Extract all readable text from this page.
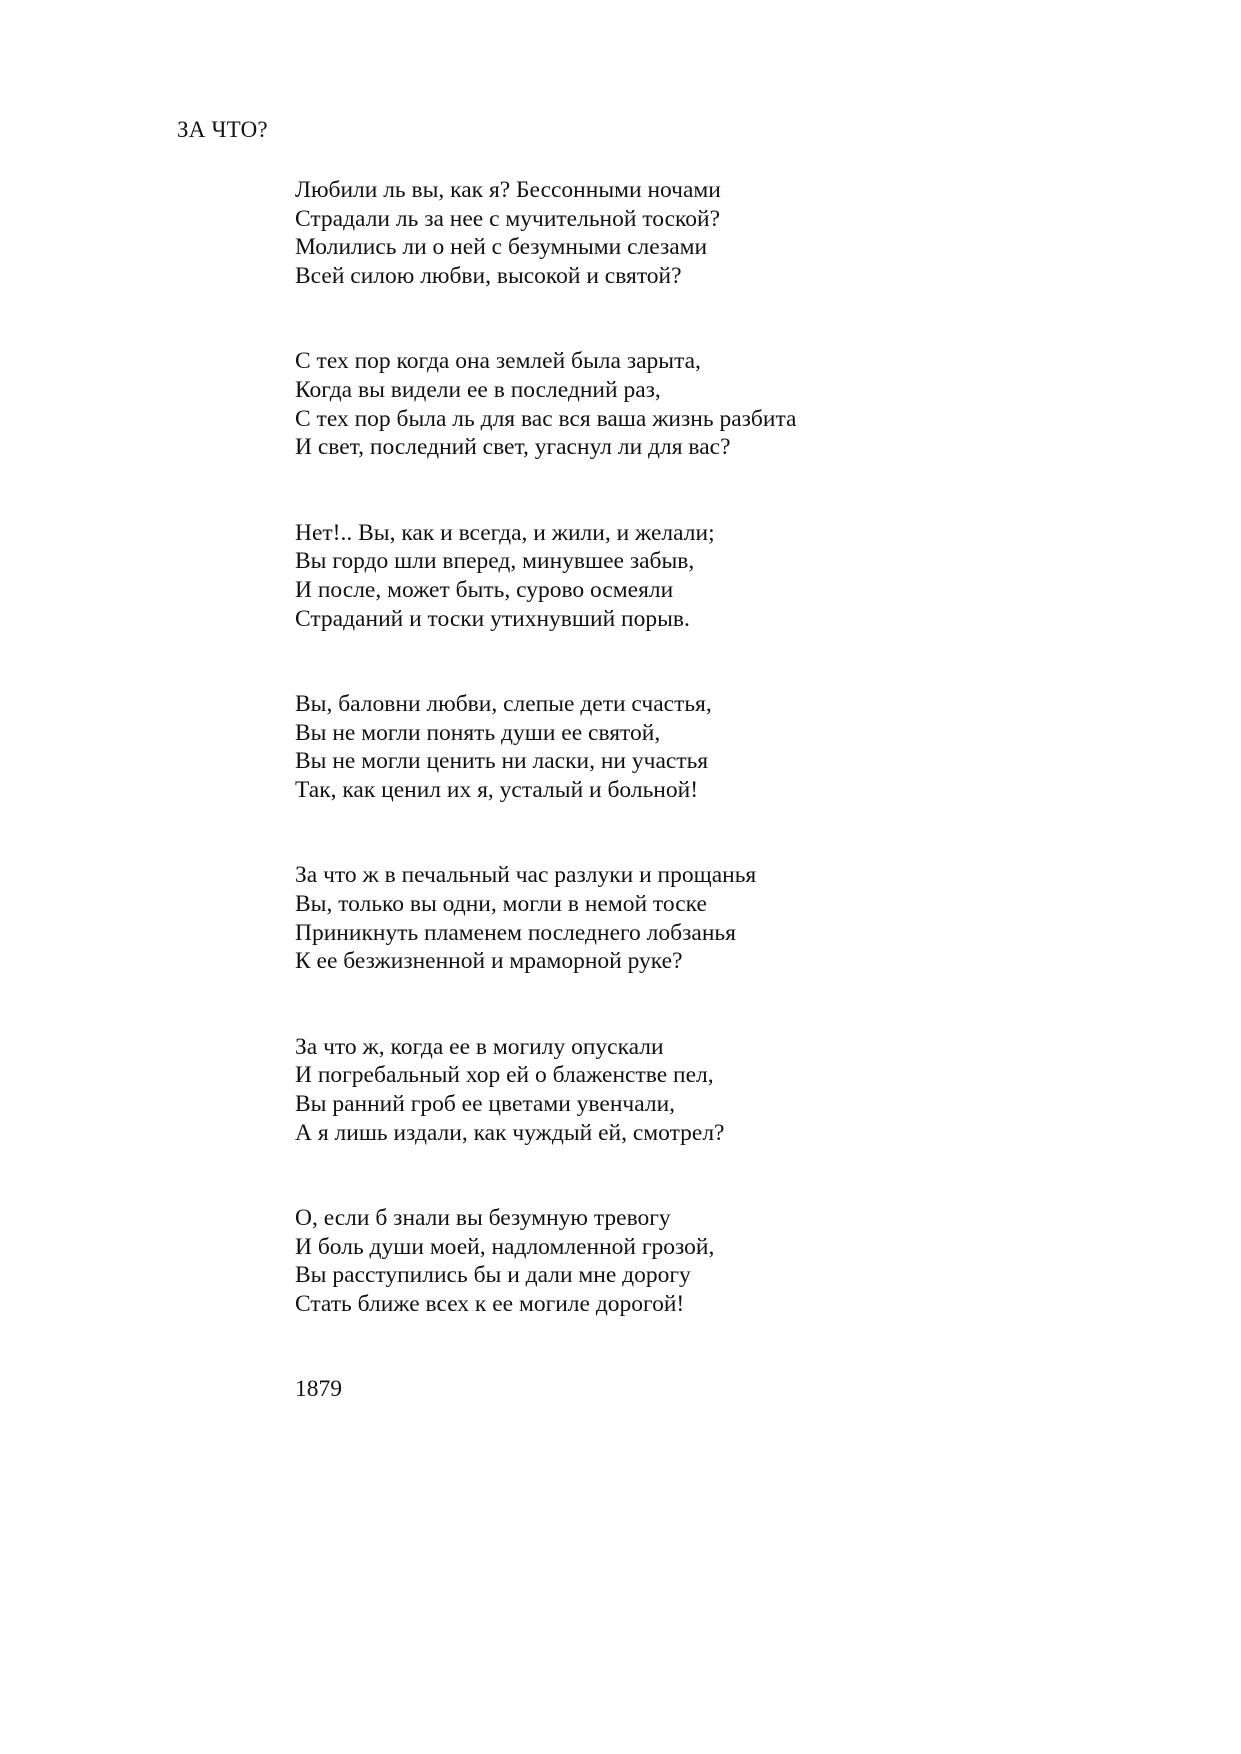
ЗА ЧТО?
Любили ль вы, как я? Бессонными ночами
Страдали ль за нее с мучительной тоской?
Молились ли о ней с безумными слезами
Всей силою любви, высокой и святой?
С тех пор когда она землей была зарыта,
Когда вы видели ее в последний раз,
С тех пор была ль для вас вся ваша жизнь разбита
И свет, последний свет, угаснул ли для вас?
Нет!.. Вы, как и всегда, и жили, и желали;
Вы гордо шли вперед, минувшее забыв,
И после, может быть, сурово осмеяли
Страданий и тоски утихнувший порыв.
Вы, баловни любви, слепые дети счастья,
Вы не могли понять души ее святой,
Вы не могли ценить ни ласки, ни участья
Так, как ценил их я, усталый и больной!
За что ж в печальный час разлуки и прощанья
Вы, только вы одни, могли в немой тоске
Приникнуть пламенем последнего лобзанья
К ее безжизненной и мраморной руке?
За что ж, когда ее в могилу опускали
И погребальный хор ей о блаженстве пел,
Вы ранний гроб ее цветами увенчали,
А я лишь издали, как чуждый ей, смотрел?
О, если б знали вы безумную тревогу
И боль души моей, надломленной грозой,
Вы расступились бы и дали мне дорогу
Стать ближе всех к ее могиле дорогой!
1879
